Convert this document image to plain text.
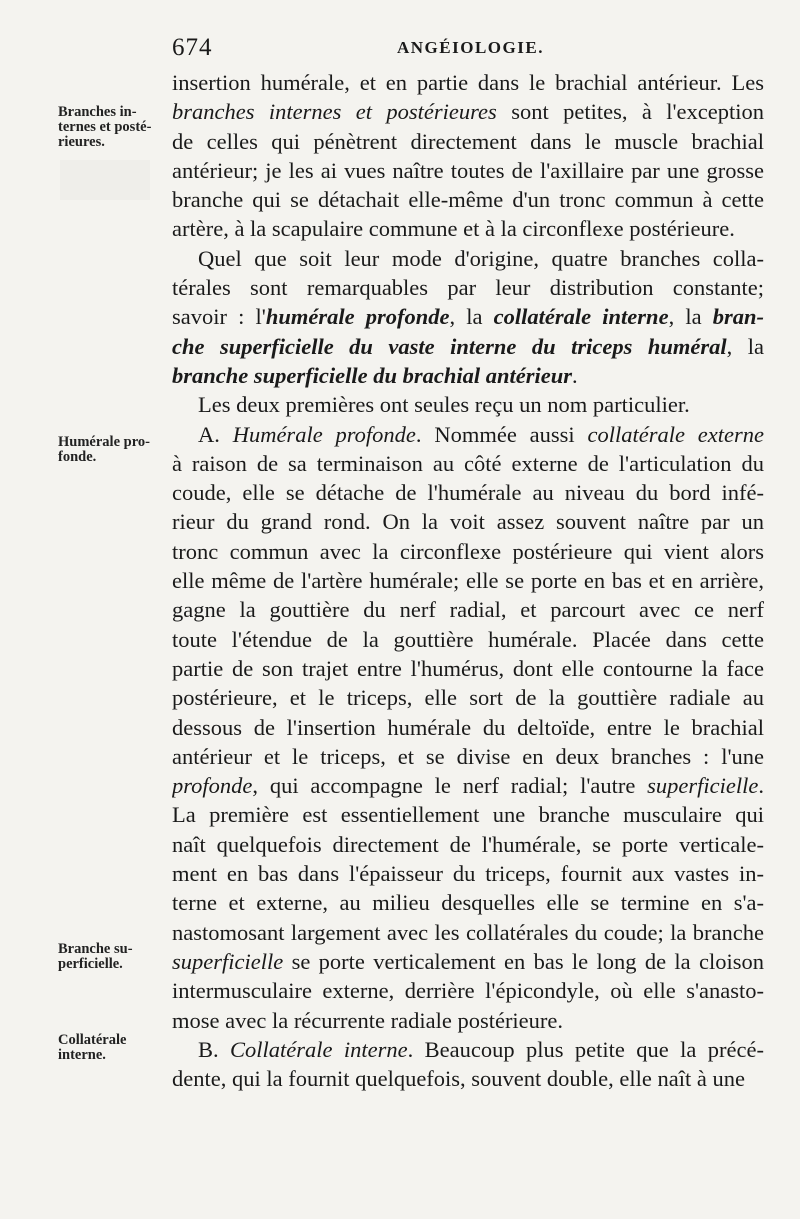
674	ANGÉIOLOGIE.
Branches in-
ternes et posté-
rieures.
Humérale pro-
fonde.
Branche su-
perficielle.
Collatérale
interne.
insertion humérale, et en partie dans le brachial antérieur. Les
branches internes et postérieures sont petites, à l'exception
de celles qui pénètrent directement dans le muscle brachial
antérieur; je les ai vues naître toutes de l'axillaire par une grosse
branche qui se détachait elle-même d'un tronc commun à cette
artère, à la scapulaire commune et à la circonflexe postérieure.
Quel que soit leur mode d'origine, quatre branches colla-
térales sont remarquables par leur distribution constante;
savoir : l'humérale profonde, la collatérale interne, la bran-
che superficielle du vaste interne du triceps huméral, la
branche superficielle du brachial antérieur.
Les deux premières ont seules reçu un nom particulier.
A. Humérale profonde. Nommée aussi collatérale externe
à raison de sa terminaison au côté externe de l'articulation du
coude, elle se détache de l'humérale au niveau du bord infé-
rieur du grand rond. On la voit assez souvent naître par un
tronc commun avec la circonflexe postérieure qui vient alors
elle même de l'artère humérale; elle se porte en bas et en arrière,
gagne la gouttière du nerf radial, et parcourt avec ce nerf
toute l'étendue de la gouttière humérale. Placée dans cette
partie de son trajet entre l'humérus, dont elle contourne la face
postérieure, et le triceps, elle sort de la gouttière radiale au
dessous de l'insertion humérale du deltoïde, entre le brachial
antérieur et le triceps, et se divise en deux branches : l'une
profonde, qui accompagne le nerf radial; l'autre superficielle.
La première est essentiellement une branche musculaire qui
naît quelquefois directement de l'humérale, se porte verticale-
ment en bas dans l'épaisseur du triceps, fournit aux vastes in-
terne et externe, au milieu desquelles elle se termine en s'a-
nastomosant largement avec les collatérales du coude; la branche
superficielle se porte verticalement en bas le long de la cloison
intermusculaire externe, derrière l'épicondyle, où elle s'anasto-
mose avec la récurrente radiale postérieure.
B. Collatérale interne. Beaucoup plus petite que la précé-
dente, qui la fournit quelquefois, souvent double, elle naît à une
